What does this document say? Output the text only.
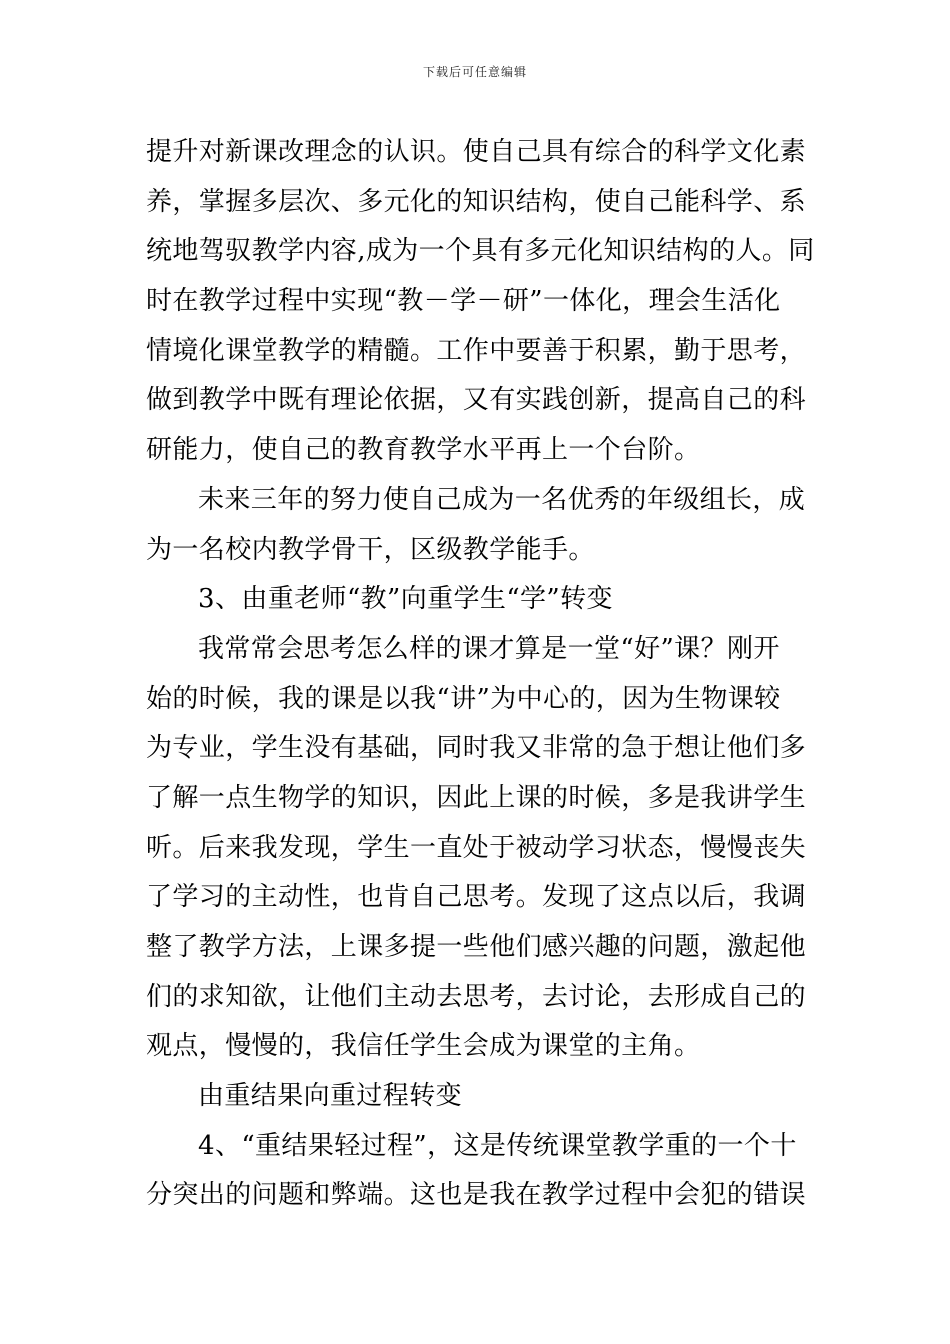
下载后可任意编辑
提升对新课改理念的认识。使自己具有综合的科学文化素
养，掌握多层次、多元化的知识结构，使自己能科学、系
统地驾驭教学内容,成为一个具有多元化知识结构的人。同
时在教学过程中实现“教－学－研”一体化，理会生活化
情境化课堂教学的精髓。工作中要善于积累，勤于思考，
做到教学中既有理论依据，又有实践创新，提高自己的科
研能力，使自己的教育教学水平再上一个台阶。
未来三年的努力使自己成为一名优秀的年级组长，成
为一名校内教学骨干，区级教学能手。
3、由重老师“教”向重学生“学”转变
我常常会思考怎么样的课才算是一堂“好”课？刚开
始的时候，我的课是以我“讲”为中心的，因为生物课较
为专业，学生没有基础，同时我又非常的急于想让他们多
了解一点生物学的知识，因此上课的时候，多是我讲学生
听。后来我发现，学生一直处于被动学习状态，慢慢丧失
了学习的主动性，也肯自己思考。发现了这点以后，我调
整了教学方法，上课多提一些他们感兴趣的问题，激起他
们的求知欲，让他们主动去思考，去讨论，去形成自己的
观点，慢慢的，我信任学生会成为课堂的主角。
由重结果向重过程转变
4、“重结果轻过程”，这是传统课堂教学重的一个十
分突出的问题和弊端。这也是我在教学过程中会犯的错误
